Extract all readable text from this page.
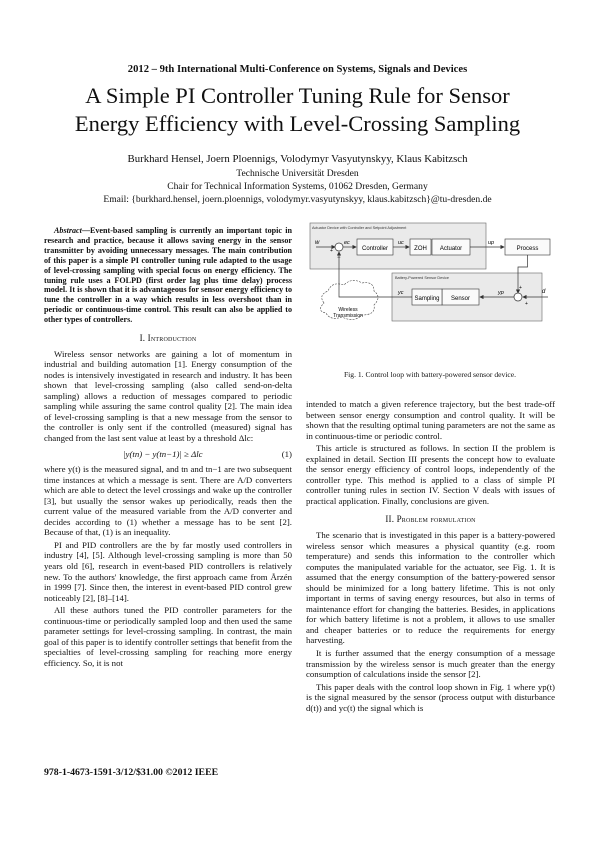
2012 – 9th International Multi-Conference on Systems, Signals and Devices
A Simple PI Controller Tuning Rule for Sensor
Energy Efficiency with Level-Crossing Sampling
Burkhard Hensel, Joern Ploennigs, Volodymyr Vasyutynskyy, Klaus Kabitzsch
Technische Universität Dresden
Chair for Technical Information Systems, 01062 Dresden, Germany
Email: {burkhard.hensel, joern.ploennigs, volodymyr.vasyutynskyy, klaus.kabitzsch}@tu-dresden.de

Abstract—Event-based sampling is currently an important topic in research and practice, because it allows saving energy in the sensor transmitter by avoiding unnecessary messages. The main contribution of this paper is a simple PI controller tuning rule adapted to the usage of level-crossing sampling with special focus on energy efficiency. The tuning rule uses a FOLPD (first order lag plus time delay) process model. It is shown that it is advantageous for sensor energy efficiency to tune the controller in a way which results in less overshoot than in periodic or continuous-time control. This result can also be applied to other types of controllers.

I. Introduction

Wireless sensor networks are gaining a lot of momentum in industrial and building automation [1]. Energy consumption of the nodes is intensively investigated in research and industry. It has been shown that level-crossing sampling (also called send-on-delta sampling) allows a reduction of messages compared to periodic sampling while assuring the same control quality [2]. The main idea of level-crossing sampling is that a new message from the sensor to the controller is only sent if the controlled (measured) signal has changed from the last sent value at least by a threshold Δlc:

|y(tn) − y(tn−1)| ≥ Δlc	(1)

where y(t) is the measured signal, and tn and tn−1 are two subsequent time instances at which a message is sent. There are A/D converters which are able to detect the level crossings and wake up the controller [3], but usually the sensor wakes up periodically, reads then the current value of the measured variable from the A/D converter and decides according to (1) whether a message has to be sent [2]. Because of that, (1) is an inequality.

PI and PID controllers are the by far mostly used controllers in industry [4], [5]. Although level-crossing sampling is more than 50 years old [6], research in event-based PID controllers is relatively new. To the authors' knowledge, the first approach came from Årzén in 1999 [7]. Since then, the interest in event-based PID control grew noticeably [2], [8]–[14].

All these authors tuned the PID controller parameters for the continuous-time or periodically sampled loop and then used the same parameter settings for level-crossing sampling. In contrast, the main goal of this paper is to identify controller settings that benefit from the specialties of level-crossing sampling for reaching more energy efficiency. So, it is not

Actuator Device with Controller and Setpoint Adjustment
Battery-Powered Sensor Device
w
+
−
ec
Controller
uc
ZOH Actuator
up
Process
+
d
+
yp
Sensor
Sampling
yc
Wireless
Transmission
Fig. 1. Control loop with battery-powered sensor device.

intended to match a given reference trajectory, but the best trade-off between sensor energy consumption and control quality. It will be shown that the resulting optimal tuning parameters are not the same as in continuous-time or periodic control.

This article is structured as follows. In section II the problem is explained in detail. Section III presents the concept how to evaluate the sensor energy efficiency of control loops, independently of the controller type. This method is applied to a class of simple PI controller tuning rules in section IV. Section V deals with issues of practical application. Finally, conclusions are given.

II. Problem formulation

The scenario that is investigated in this paper is a battery-powered wireless sensor which measures a physical quantity (e.g. room temperature) and sends this information to the controller which computes the manipulated variable for the actuator, see Fig. 1. It is assumed that the energy consumption of the battery-powered sensor should be minimized for a long battery lifetime. This is not only important in terms of saving energy resources, but also in terms of maintenance effort for changing the batteries. Besides, in applications for which battery lifetime is not a problem, it allows to use smaller and cheaper batteries or to reduce the requirements for energy harvesting.

It is further assumed that the energy consumption of a message transmission by the wireless sensor is much greater than the energy consumption of calculations inside the sensor [2].

This paper deals with the control loop shown in Fig. 1 where yp(t) is the signal measured by the sensor (process output with disturbance d(t)) and yc(t) the signal which is

978-1-4673-1591-3/12/$31.00 ©2012 IEEE
